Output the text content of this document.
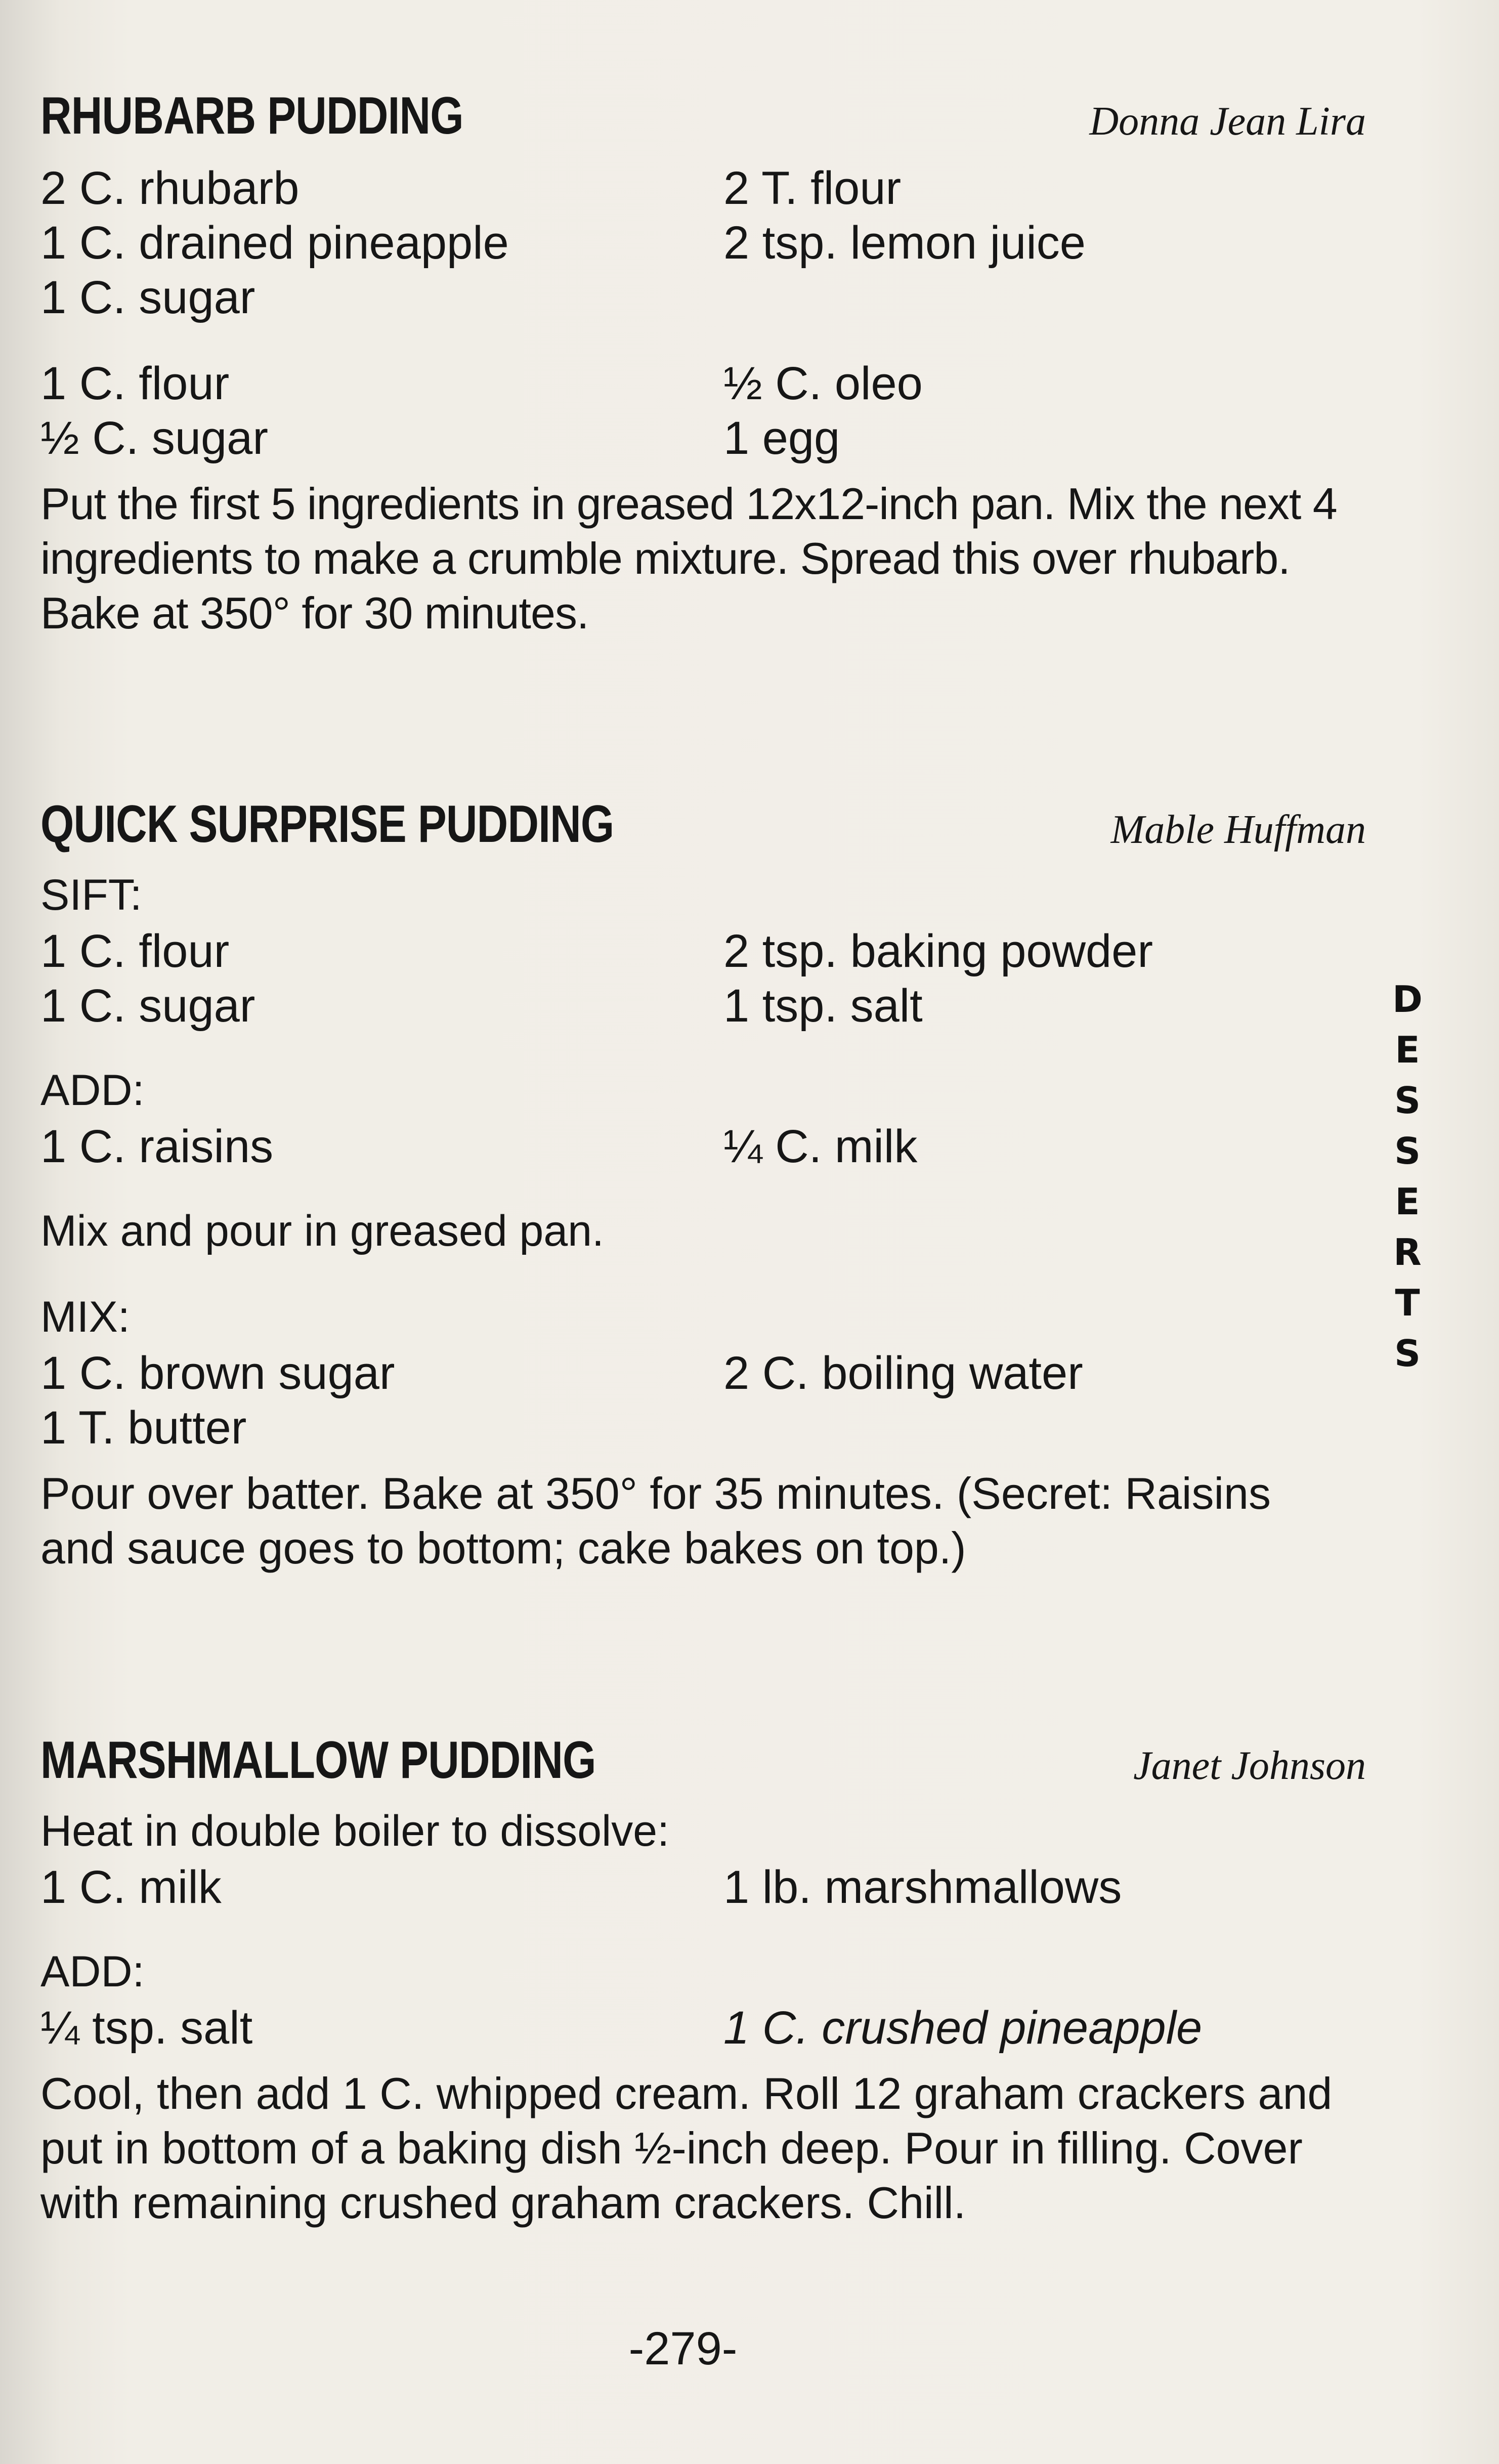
RHUBARB PUDDING	Donna Jean Lira
2 C. rhubarb	2 T. flour
1 C. drained pineapple	2 tsp. lemon juice
1 C. sugar
1 C. flour	½ C. oleo
½ C. sugar	1 egg

Put the first 5 ingredients in greased 12x12-inch pan. Mix the next 4 ingredients to make a crumble mixture. Spread this over rhubarb. Bake at 350° for 30 minutes.

QUICK SURPRISE PUDDING	Mable Huffman
SIFT:
1 C. flour	2 tsp. baking powder
1 C. sugar	1 tsp. salt
ADD:
1 C. raisins	¼ C. milk
Mix and pour in greased pan.
MIX:
1 C. brown sugar	2 C. boiling water
1 T. butter

Pour over batter. Bake at 350° for 35 minutes. (Secret: Raisins and sauce goes to bottom; cake bakes on top.)

MARSHMALLOW PUDDING	Janet Johnson
Heat in double boiler to dissolve:
1 C. milk	1 lb. marshmallows
ADD:
¼ tsp. salt	1 C. crushed pineapple

Cool, then add 1 C. whipped cream. Roll 12 graham crackers and put in bottom of a baking dish ½-inch deep. Pour in filling. Cover with remaining crushed graham crackers. Chill.

D
E
S
S
E
R
T
S
-279-
